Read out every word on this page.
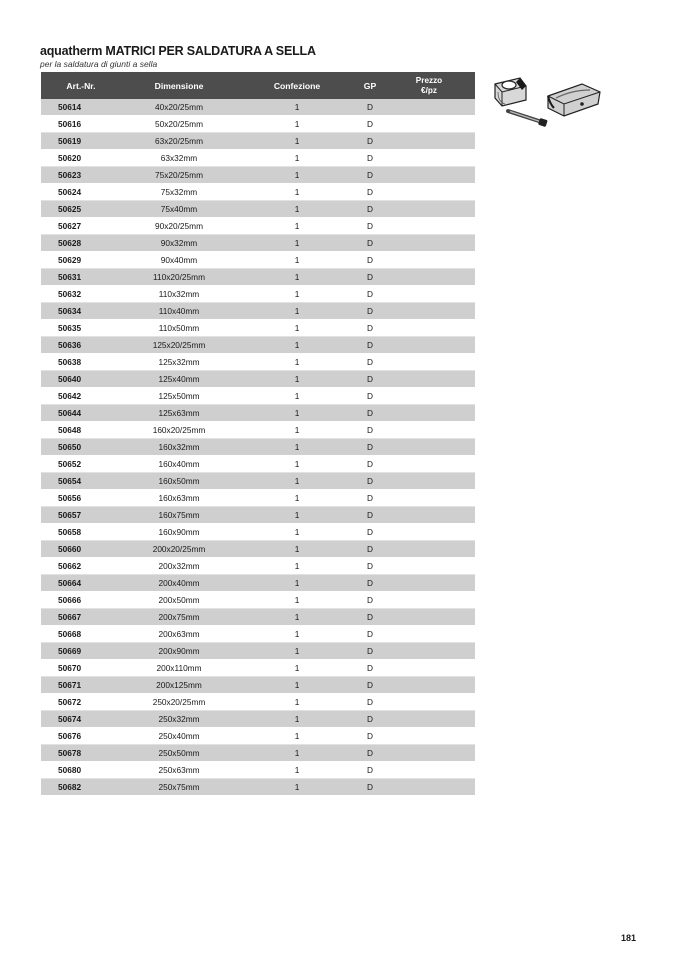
aquatherm MATRICI PER SALDATURA A SELLA
per la saldatura di giunti a sella
Art.-Nr.	Dimensione	Confezione	GP	Prezzo
€/pz
50614	40x20/25mm	1	D	
50616	50x20/25mm	1	D	
50619	63x20/25mm	1	D	
50620	63x32mm	1	D	
50623	75x20/25mm	1	D	
50624	75x32mm	1	D	
50625	75x40mm	1	D	
50627	90x20/25mm	1	D	
50628	90x32mm	1	D	
50629	90x40mm	1	D	
50631	110x20/25mm	1	D	
50632	110x32mm	1	D	
50634	110x40mm	1	D	
50635	110x50mm	1	D	
50636	125x20/25mm	1	D	
50638	125x32mm	1	D	
50640	125x40mm	1	D	
50642	125x50mm	1	D	
50644	125x63mm	1	D	
50648	160x20/25mm	1	D	
50650	160x32mm	1	D	
50652	160x40mm	1	D	
50654	160x50mm	1	D	
50656	160x63mm	1	D	
50657	160x75mm	1	D	
50658	160x90mm	1	D	
50660	200x20/25mm	1	D	
50662	200x32mm	1	D	
50664	200x40mm	1	D	
50666	200x50mm	1	D	
50667	200x75mm	1	D	
50668	200x63mm	1	D	
50669	200x90mm	1	D	
50670	200x110mm	1	D	
50671	200x125mm	1	D	
50672	250x20/25mm	1	D	
50674	250x32mm	1	D	
50676	250x40mm	1	D	
50678	250x50mm	1	D	
50680	250x63mm	1	D	
50682	250x75mm	1	D	
181
